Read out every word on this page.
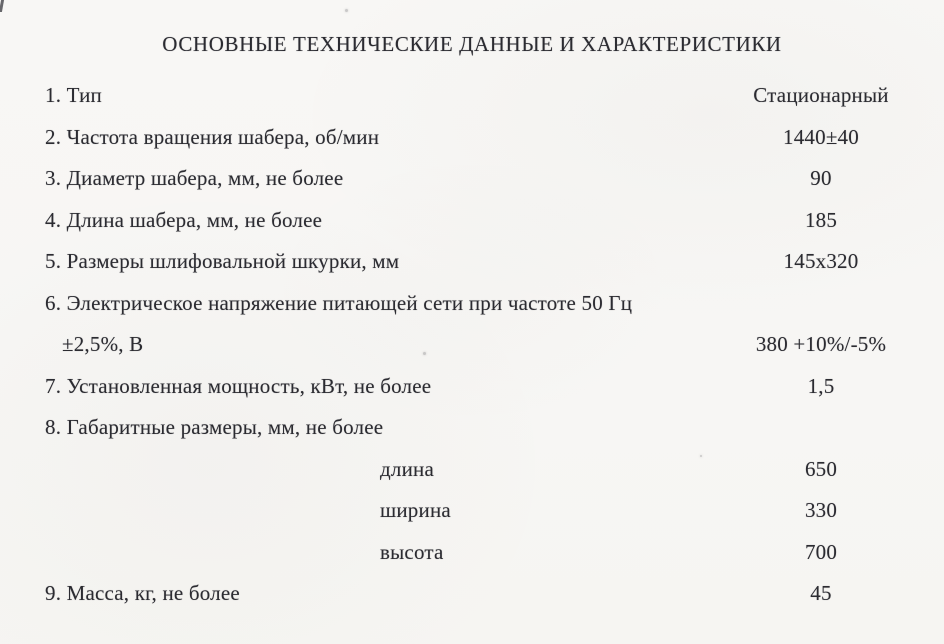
ОСНОВНЫЕ ТЕХНИЧЕСКИЕ ДАННЫЕ И ХАРАКТЕРИСТИКИ
1. Тип	Стационарный
2. Частота вращения шабера, об/мин	1440±40
3. Диаметр шабера, мм, не более	90
4. Длина шабера, мм, не более	185
5. Размеры шлифовальной шкурки, мм	145x320
6. Электрическое напряжение питающей сети при частоте 50 Гц
±2,5%, В	380 +10%/-5%
7. Установленная мощность, кВт, не более	1,5
8. Габаритные размеры, мм, не более
длина	650
ширина	330
высота	700
9. Масса, кг, не более	45
